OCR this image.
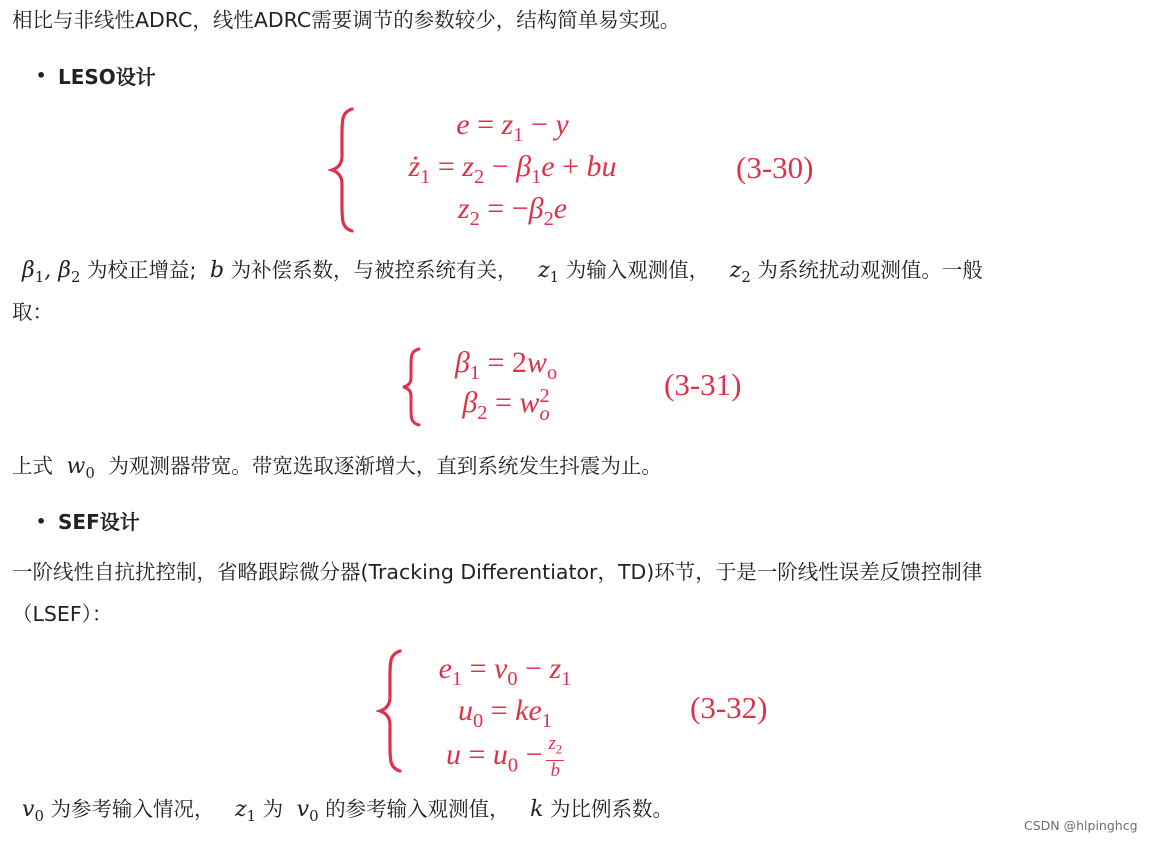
相比与非线性ADRC，线性ADRC需要调节的参数较少，结构简单易实现。
• LESO设计
$e = z_1 - y$
$ż_1 = z_2 - \beta_1e$ + bu
$z_2 = -\beta_2e$
(3-30)
$\beta_1$, $\beta_2$ 为校正增益;  b 为补偿系数，与被控系统有关，   $z_1$ 为输入观测值，   $z_2$ 为系统扰动观测值。一般
取：
$\beta_1 = 2w_o$
$\beta_2 = w$ 2
o
(3-31)
上式  $w_0$ 为观测器带宽。带宽选取逐渐增大，直到系统发生抖震为止。
• SEF设计
一阶线性自抗扰控制，省略跟踪微分器(Tracking Differentiator，TD)环节，于是一阶线性误差反馈控制律
（LSEF）：
$e_1 = v_0 - z_1$
$u_0 = ke_1$
$u = u_0 - \frac{z_2}{b}$
(3-32)
$v_0$ 为参考输入情况，   $z_1$ 为  $v_0$ 的参考输入观测值，   k 为比例系数。
CSDN @hlpinghcg
